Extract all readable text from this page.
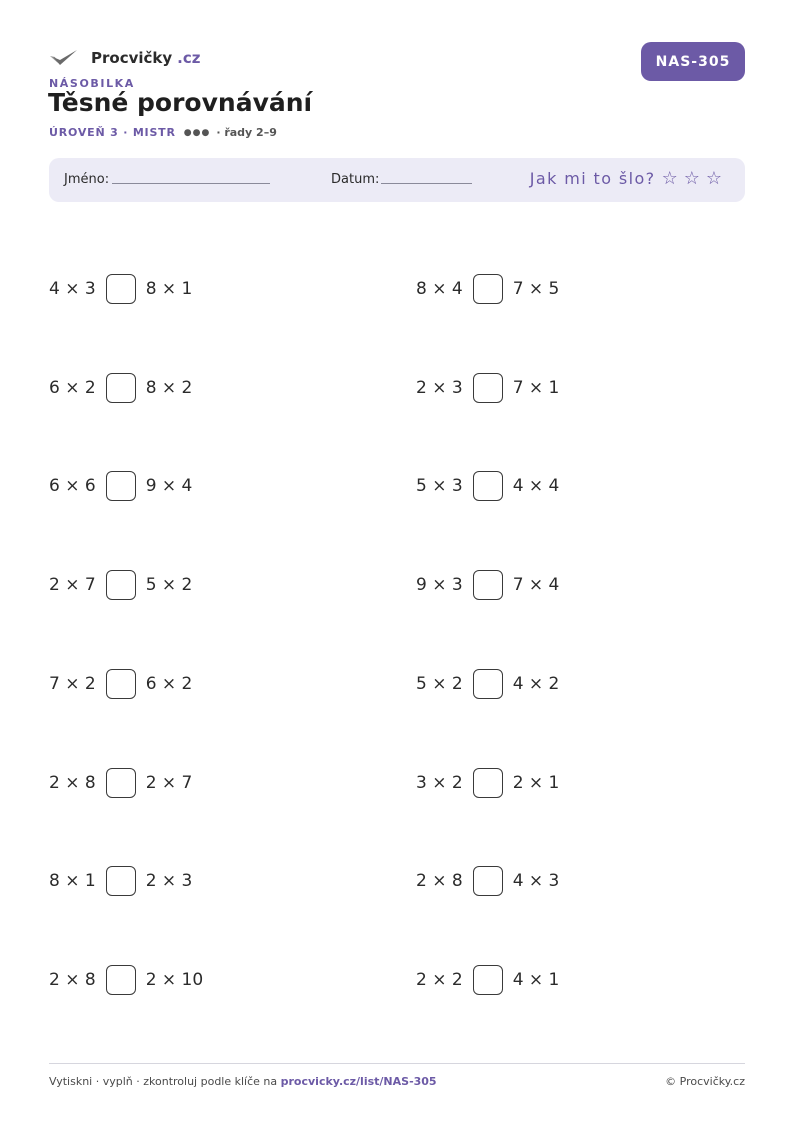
Procvičky .cz
NÁSOBILKA
Těsné porovnávání
ÚROVEŇ 3 · MISTR ●●● · řady 2–9
NAS-305
Jméno:	Datum:	Jak mi to šlo? ☆☆☆
4 × 3	8 × 1
6 × 2	8 × 2
6 × 6	9 × 4
2 × 7	5 × 2
7 × 2	6 × 2
2 × 8	2 × 7
8 × 1	2 × 3
2 × 8	2 × 10
8 × 4	7 × 5
2 × 3	7 × 1
5 × 3	4 × 4
9 × 3	7 × 4
5 × 2	4 × 2
3 × 2	2 × 1
2 × 8	4 × 3
2 × 2	4 × 1
Vytiskni · vyplň · zkontroluj podle klíče na procvicky.cz/list/NAS-305	© Procvičky.cz
